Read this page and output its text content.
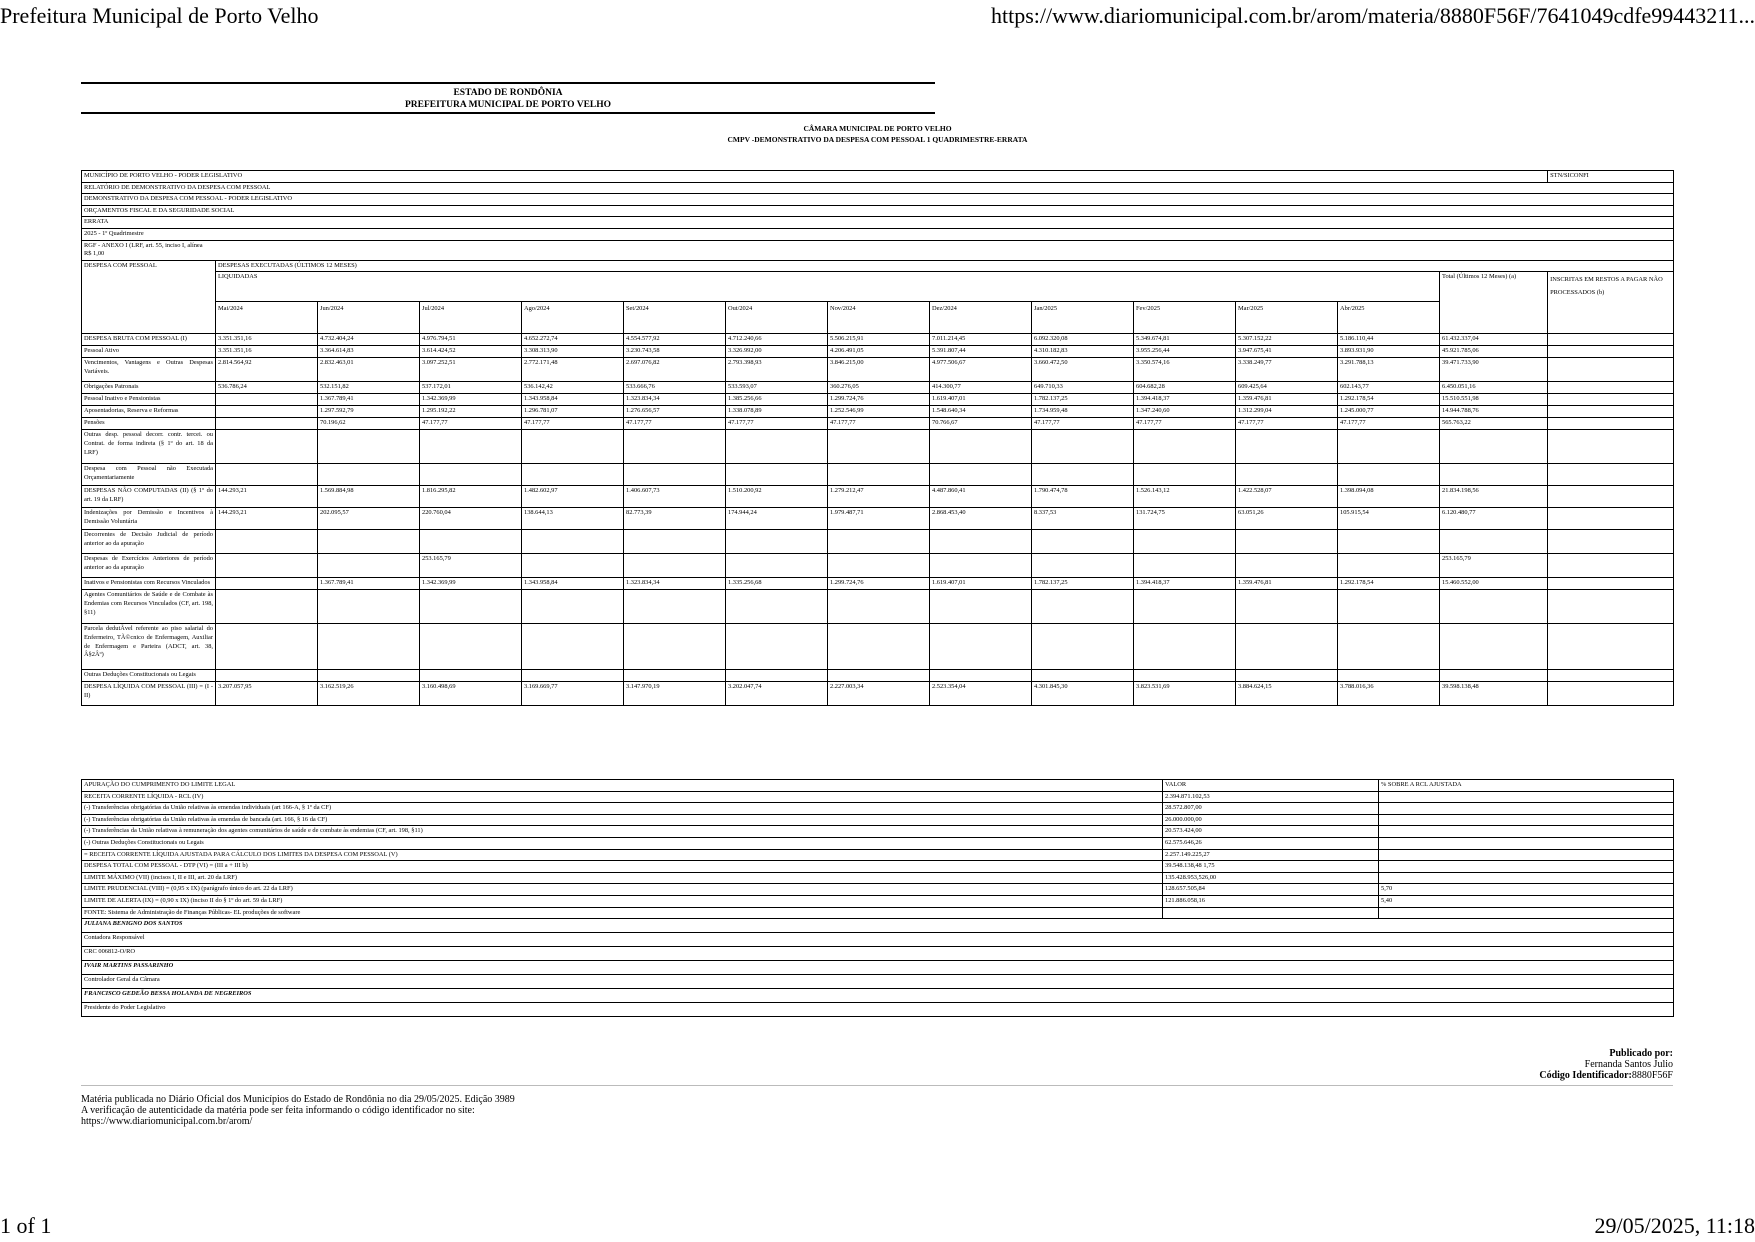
Prefeitura Municipal de Porto Velho	https://www.diariomunicipal.com.br/arom/materia/8880F56F/7641049cdfe99443211...
ESTADO DE RONDÔNIA
PREFEITURA MUNICIPAL DE PORTO VELHO
CÂMARA MUNICIPAL DE PORTO VELHO
CMPV -DEMONSTRATIVO DA DESPESA COM PESSOAL 1 QUADRIMESTRE-ERRATA
MUNICÍPIO DE PORTO VELHO - PODER LEGISLATIVO														STN/SICONFI
RELATÓRIO DE DEMONSTRATIVO DA DESPESA COM PESSOAL														
DEMONSTRATIVO DA DESPESA COM PESSOAL - PODER LEGISLATIVO														
ORÇAMENTOS FISCAL E DA SEGURIDADE SOCIAL														
ERRATA														
2025 - 1º Quadrimestre														

RGF - ANEXO I (LRF, art. 55, inciso I, alínea
R$ 1,00														

DESPESA COM PESSOAL	DESPESAS EXECUTADAS (ÚLTIMOS 12 MESES)													
	LIQUIDADAS												Total (Últimos 12 Meses) (a)	INSCRITAS EM RESTOS A PAGAR NÃO PROCESSADOS (b)
	Mai/2024	Jun/2024	Jul/2024	Ago/2024	Set/2024	Out/2024	Nov/2024	Dez/2024	Jan/2025	Fev/2025	Mar/2025	Abr/2025		
DESPESA BRUTA COM PESSOAL (I)	3.351.351,16	4.732.404,24	4.976.794,51	4.652.272,74	4.554.577,92	4.712.240,66	5.506.215,91	7.011.214,45	6.092.320,08	5.349.674,81	5.307.152,22	5.186.110,44	61.432.337,04	
Pessoal Ativo	3.351.351,16	3.364.614,83	3.614.424,52	3.308.313,90	3.230.743,58	3.326.992,00	4.206.491,05	5.391.807,44	4.310.182,83	3.955.256,44	3.947.675,41	3.893.931,90	45.921.785,06	
Vencimentos, Vantagens e Outras Despesas Variáveis.	2.814.564,92	2.832.463,01	3.097.252,51	2.772.171,48	2.697.076,82	2.793.398,93	3.846.215,00	4.977.506,67	3.660.472,50	3.350.574,16	3.338.249,77	3.291.788,13	39.471.733,90	
Obrigações Patronais	536.786,24	532.151,82	537.172,01	536.142,42	533.666,76	533.593,07	360.276,05	414.300,77	649.710,33	604.682,28	609.425,64	602.143,77	6.450.051,16	
Pessoal Inativo e Pensionistas		1.367.789,41	1.342.369,99	1.343.958,84	1.323.834,34	1.385.256,66	1.299.724,76	1.619.407,01	1.782.137,25	1.394.418,37	1.359.476,81	1.292.178,54	15.510.551,98	
Aposentadorias, Reserva e Reformas		1.297.592,79	1.295.192,22	1.296.781,07	1.276.656,57	1.338.078,89	1.252.546,99	1.548.640,34	1.734.959,48	1.347.240,60	1.312.299,04	1.245.000,77	14.944.788,76	
Pensões		70.196,62	47.177,77	47.177,77	47.177,77	47.177,77	47.177,77	70.766,67	47.177,77	47.177,77	47.177,77	47.177,77	565.763,22	
Outras desp. pessoal decorr. contr. tercei. ou Contrat. de forma indireta (§ 1º do art. 18 da LRF)														
Despesa com Pessoal não Executada Orçamentariamente														
DESPESAS NÃO COMPUTADAS (II) (§ 1º do art. 19 da LRF)	144.293,21	1.569.884,98	1.816.295,82	1.482.602,97	1.406.607,73	1.510.200,92	1.279.212,47	4.487.860,41	1.790.474,78	1.526.143,12	1.422.528,07	1.398.094,08	21.834.198,56	
Indenizações por Demissão e Incentivos à Demissão Voluntária	144.293,21	202.095,57	220.760,04	138.644,13	82.773,39	174.944,24	1.979.487,71	2.868.453,40	8.337,53	131.724,75	63.051,26	105.915,54	6.120.480,77	
Decorrentes de Decisão Judicial de período anterior ao da apuração														
Despesas de Exercícios Anteriores de período anterior ao da apuração			253.165,79										253.165,79	
Inativos e Pensionistas com Recursos Vinculados		1.367.789,41	1.342.369,99	1.343.958,84	1.323.834,34	1.335.256,68	1.299.724,76	1.619.407,01	1.782.137,25	1.394.418,37	1.359.476,81	1.292.178,54	15.460.552,00	
Agentes Comunitários de Saúde e de Combate às Endemias com Recursos Vinculados (CF, art. 198, §11)														
Parcela dedutÃvel referente ao piso salarial do Enfermeiro, TÃ©cnico de Enfermagem, Auxiliar de Enfermagem e Parteira (ADCT, art. 38, Â§2Âº)														
Outras Deduções Constitucionais ou Legais														
DESPESA LÍQUIDA COM PESSOAL (III) = (I - II)	3.207.057,95	3.162.519,26	3.160.498,69	3.169.669,77	3.147.970,19	3.202.047,74	2.227.003,34	2.523.354,04	4.301.845,30	3.823.531,69	3.884.624,15	3.788.016,36	39.598.138,48	
APURAÇÃO DO CUMPRIMENTO DO LIMITE LEGAL	VALOR	% SOBRE A RCL AJUSTADA
RECEITA CORRENTE LÍQUIDA - RCL (IV)	2.394.871.102,53	
(-) Transferências obrigatórias da União relativas às emendas individuais (art 166-A, § 1º da CF)	28.572.807,00	
(-) Transferências obrigatórias da União relativas às emendas de bancada (art. 166, § 16 da CF)	26.000.000,00	
(-) Transferências da União relativas à remuneração dos agentes comunitários de saúde e de combate às endemias (CF, art. 198, §11)	20.573.424,00	
(-) Outras Deduções Constitucionais ou Legais	62.575.646,26	
= RECEITA CORRENTE LÍQUIDA AJUSTADA PARA CÁLCULO DOS LIMITES DA DESPESA COM PESSOAL (V)	2.257.149.225,27	
DESPESA TOTAL COM PESSOAL - DTP (VI) = (III a + III b)	39.548.138,48 1,75	
LIMITE MÁXIMO (VII) (incisos I, II e III, art. 20 da LRF)	135.428.953,526,00	
LIMITE PRUDENCIAL (VIII) = (0,95 x IX) (parágrafo único do art. 22 da LRF)	128.657.505,84	5,70
LIMITE DE ALERTA (IX) = (0,90 x IX) (inciso II do § 1º do art. 59 da LRF)	121.886.058,16	5,40
FONTE: Sistema de Administração de Finanças Públicas- EL produções de software		
JULIANA BENIGNO DOS SANTOS		
Contadora Responsável		
CRC 006812-O/RO		
IVAIR MARTINS PASSARINHO		
Controlador Geral da Câmara		
FRANCISCO GEDEÃO BESSA HOLANDA DE NEGREIROS		
Presidente do Poder Legislativo		
Publicado por:
Fernanda Santos Julio
Código Identificador:8880F56F
Matéria publicada no Diário Oficial dos Municípios do Estado de Rondônia no dia 29/05/2025. Edição 3989
A verificação de autenticidade da matéria pode ser feita informando o código identificador no site:
https://www.diariomunicipal.com.br/arom/
1 of 1	29/05/2025, 11:18
